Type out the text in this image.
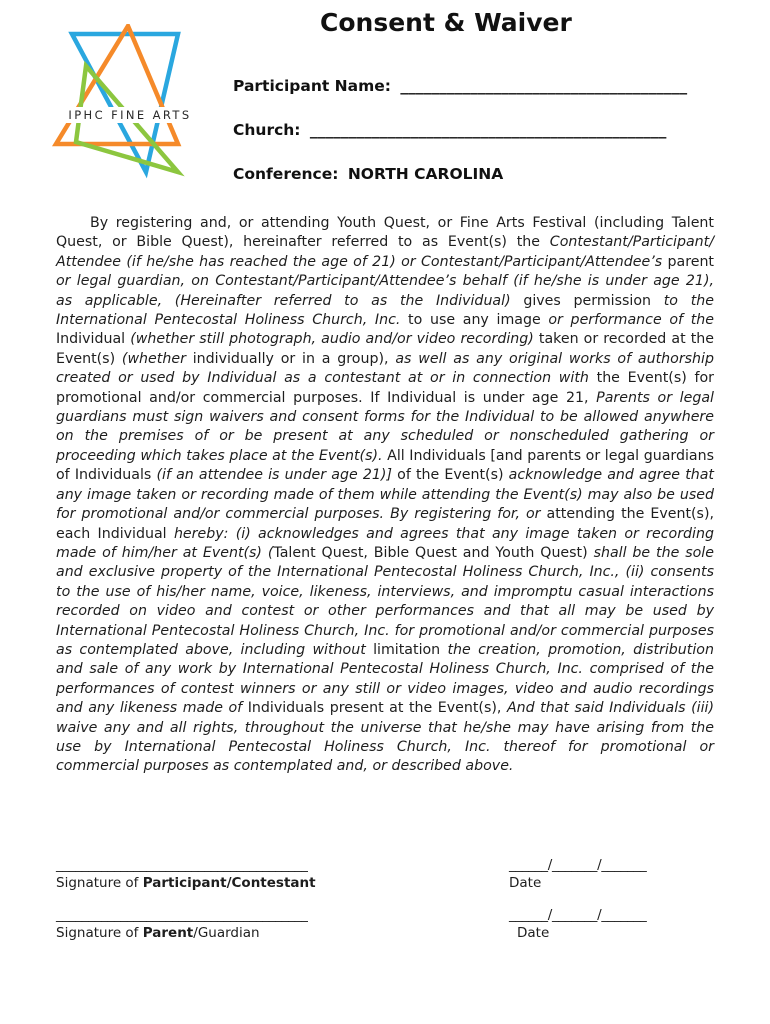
IPHC FINE ARTS
Consent & Waiver
Participant Name: _____________________________________
Church: ______________________________________________
Conference: NORTH CAROLINA

By registering and, or attending Youth Quest, or Fine Arts Festival (including Talent Quest, or Bible Quest), hereinafter referred to as Event(s) the Contestant/Participant/ Attendee (if he/she has reached the age of 21) or Contestant/Participant/Attendee’s parent or legal guardian, on Contestant/Participant/Attendee’s behalf (if he/she is under age 21), as applicable, (Hereinafter referred to as the Individual) gives permission to the International Pentecostal Holiness Church, Inc. to use any image or performance of the Individual (whether still photograph, audio and/or video recording) taken or recorded at the Event(s) (whether individually or in a group), as well as any original works of authorship created or used by Individual as a contestant at or in connection with the Event(s) for promotional and/or commercial purposes. If Individual is under age 21, Parents or legal guardians must sign waivers and consent forms for the Individual to be allowed anywhere on the premises of or be present at any scheduled or nonscheduled gathering or proceeding which takes place at the Event(s). All Individuals [and parents or legal guardians of Individuals (if an attendee is under age 21)] of the Event(s) acknowledge and agree that any image taken or recording made of them while attending the Event(s) may also be used for promotional and/or commercial purposes. By registering for, or attending the Event(s), each Individual hereby: (i) acknowledges and agrees that any image taken or recording made of him/her at Event(s) (Talent Quest, Bible Quest and Youth Quest) shall be the sole and exclusive property of the International Pentecostal Holiness Church, Inc., (ii) consents to the use of his/her name, voice, likeness, interviews, and impromptu casual interactions recorded on video and contest or other performances and that all may be used by International Pentecostal Holiness Church, Inc. for promotional and/or commercial purposes as contemplated above, including without limitation the creation, promotion, distribution and sale of any work by International Pentecostal Holiness Church, Inc. comprised of the performances of contest winners or any still or video images, video and audio recordings and any likeness made of Individuals present at the Event(s), And that said Individuals (iii) waive any and all rights, throughout the universe that he/she may have arising from the use by International Pentecostal Holiness Church, Inc. thereof for promotional or commercial purposes as contemplated and, or described above.

_______________________________________
Signature of Participant/Contestant
_______________________________________
Signature of Parent/Guardian
______/_______/_______
Date
______/_______/_______
Date
